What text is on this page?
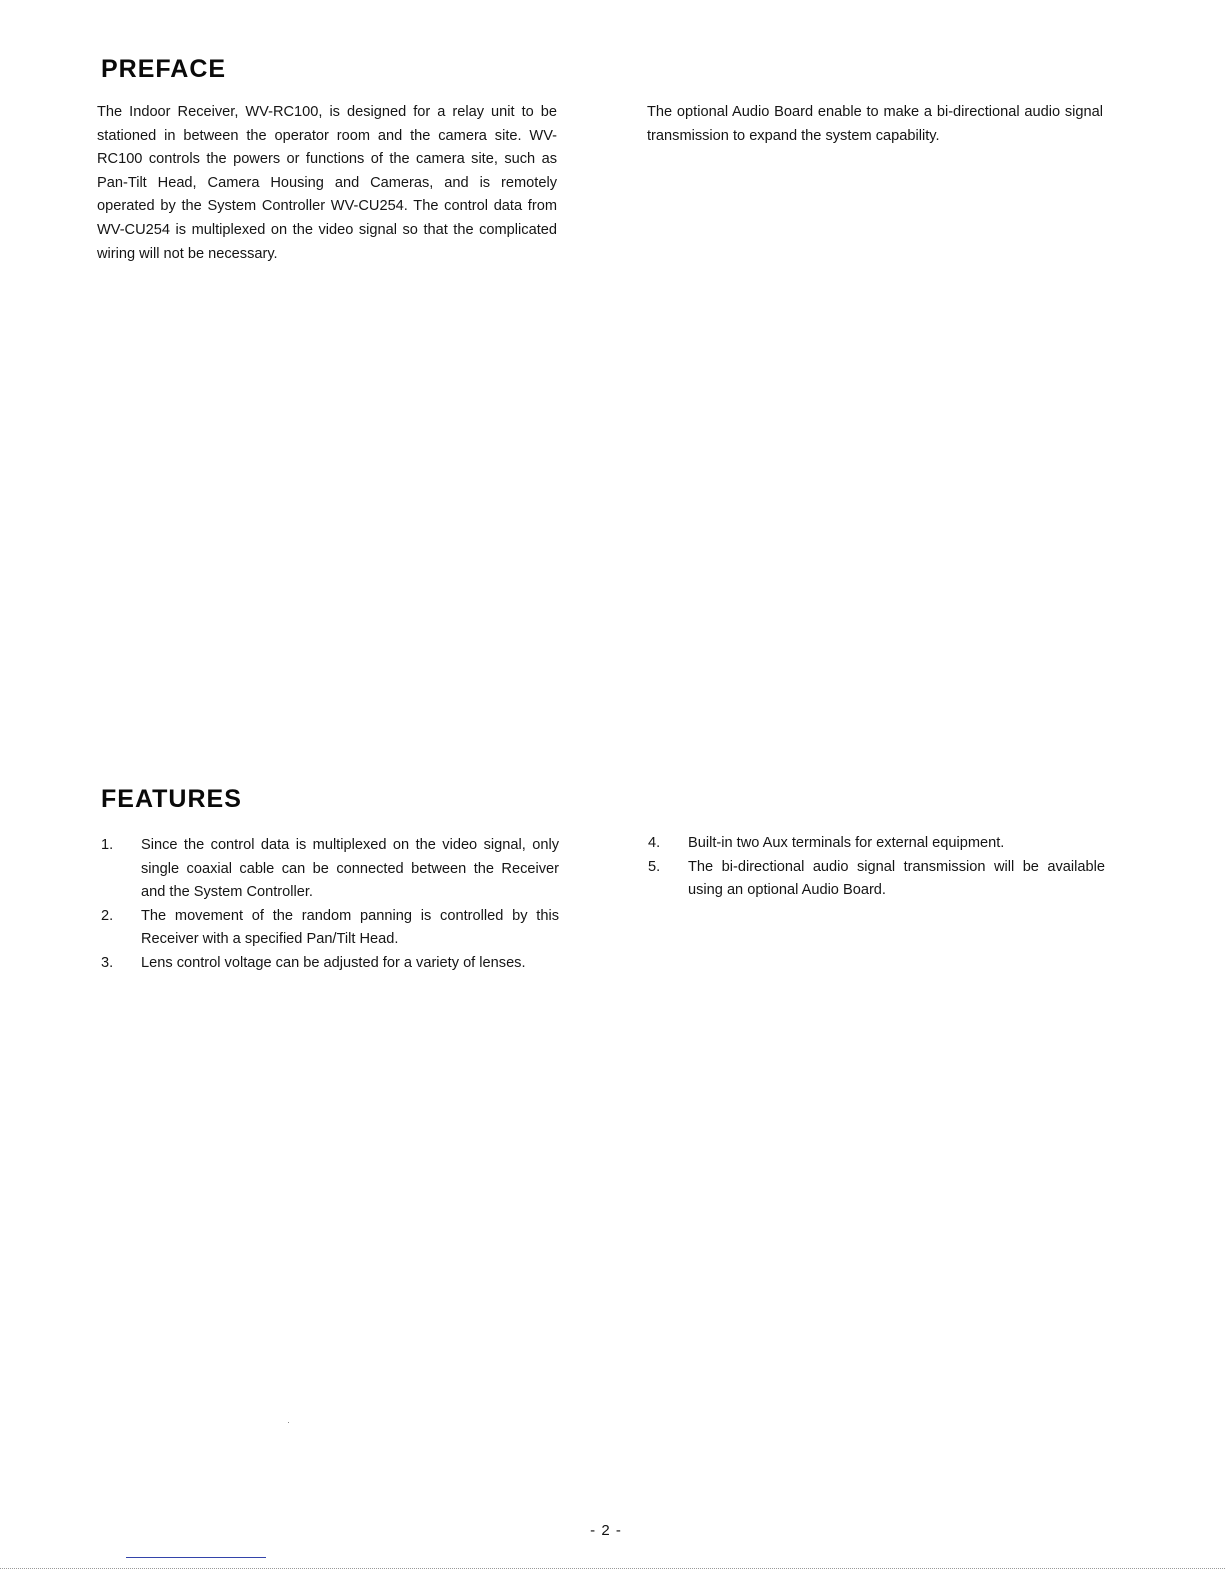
PREFACE

The Indoor Receiver, WV-RC100, is designed for a relay unit to be stationed in between the operator room and the camera site. WV-RC100 controls the powers or functions of the camera site, such as Pan-Tilt Head, Camera Housing and Cameras, and is remotely operated by the System Controller WV-CU254. The control data from WV-CU254 is multiplexed on the video signal so that the complicated wiring will not be necessary.

The optional Audio Board enable to make a bi-directional audio signal transmission to expand the system capability.

FEATURES
1. Since the control data is multiplexed on the video signal, only single coaxial cable can be connected between the Receiver and the System Controller.
2. The movement of the random panning is controlled by this Receiver with a specified Pan/Tilt Head.
3. Lens control voltage can be adjusted for a variety of lenses.
4. Built-in two Aux terminals for external equipment.
5. The bi-directional audio signal transmission will be available using an optional Audio Board.
- 2 -
